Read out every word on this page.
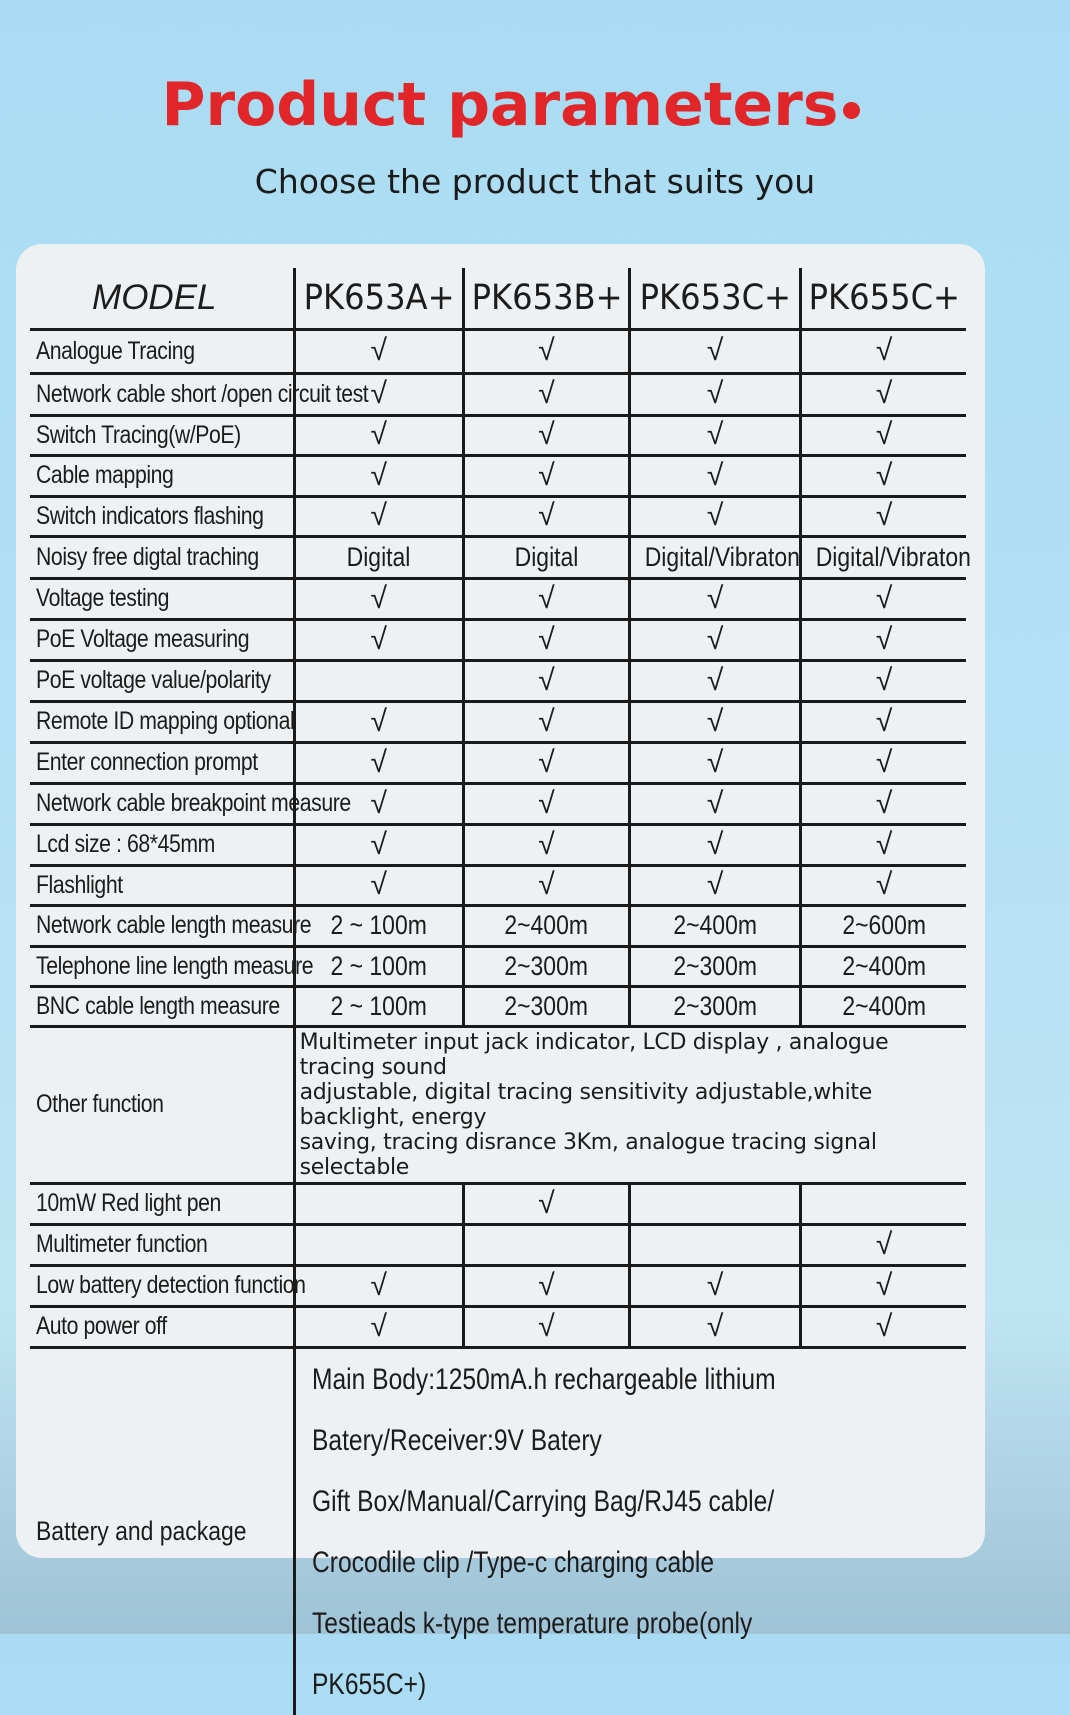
Product parameters
Choose the product that suits you
MODEL	PK653A+	PK653B+	PK653C+	PK655C+
Analogue Tracing	√	√	√	√
Network cable short /open circuit test	√	√	√	√
Switch Tracing(w/PoE)	√	√	√	√
Cable mapping	√	√	√	√
Switch indicators flashing	√	√	√	√
Noisy free digtal traching	Digital	Digital	Digital/Vibraton	Digital/Vibraton
Voltage testing	√	√	√	√
PoE Voltage measuring	√	√	√	√
PoE voltage value/polarity		√	√	√
Remote ID mapping optional	√	√	√	√
Enter connection prompt	√	√	√	√
Network cable breakpoint measure	√	√	√	√
Lcd size : 68*45mm	√	√	√	√
Flashlight	√	√	√	√
Network cable length measure	2 ~ 100m	2~400m	2~400m	2~600m
Telephone line length measure	2 ~ 100m	2~300m	2~300m	2~400m
BNC cable length measure	2 ~ 100m	2~300m	2~300m	2~400m
Other function	Multimeter input jack indicator, LCD display , analogue tracing sound
adjustable, digital tracing sensitivity adjustable,white backlight, energy
saving, tracing disrance 3Km, analogue tracing signal selectable			

10mW Red light pen		√		
Multimeter function				√
Low battery detection function	√	√	√	√
Auto power off	√	√	√	√
Battery and package	Main Body:1250mA.h rechargeable lithium Batery/Receiver:9V Batery
Gift Box/Manual/Carrying Bag/RJ45 cable/
Crocodile clip /Type-c charging cable
Testieads k-type temperature probe(only PK655C+)			
